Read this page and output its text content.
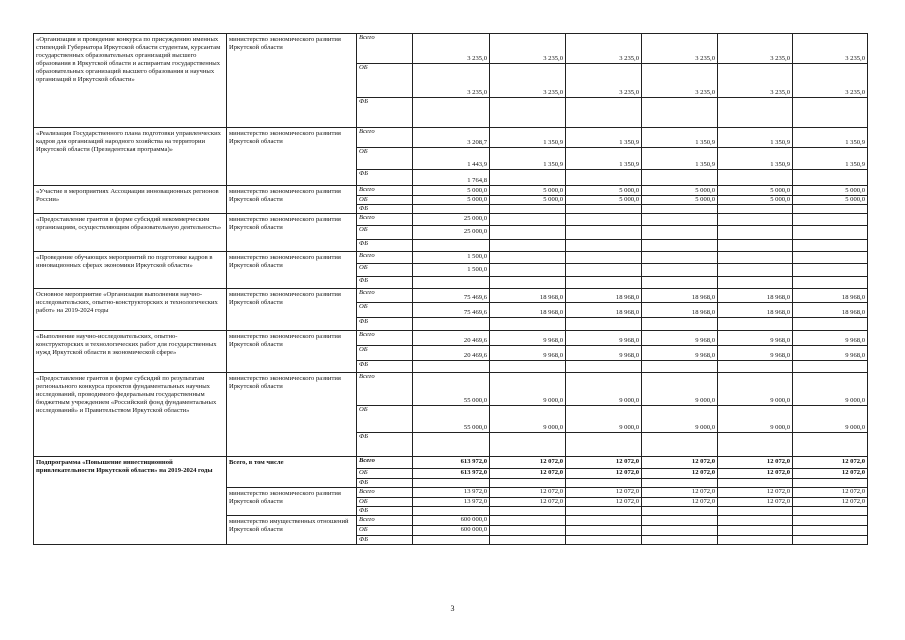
«Организация и проведение конкурса по присуждению именных стипендий Губернатора Иркутской области студентам, курсантам государственных образовательных организаций высшего образования в Иркутской области и аспирантам государственных образовательных организаций высшего образования и научных организаций в Иркутской области»	министерство экономического развития Иркутской области	Всего	3 235,0	3 235,0	3 235,0	3 235,0	3 235,0	3 235,0
		ОБ	3 235,0	3 235,0	3 235,0	3 235,0	3 235,0	3 235,0
		ФБ						
«Реализация Государственного плана подготовки управленческих кадров для организаций народного хозяйства на территории Иркутской области (Президентская программа)»	министерство экономического развития Иркутской области	Всего	3 208,7	1 350,9	1 350,9	1 350,9	1 350,9	1 350,9
		ОБ	1 443,9	1 350,9	1 350,9	1 350,9	1 350,9	1 350,9
		ФБ	1 764,8					
«Участие в мероприятиях Ассоциации инновационных регионов России»	министерство экономического развития Иркутской области	Всего	5 000,0	5 000,0	5 000,0	5 000,0	5 000,0	5 000,0
		ОБ	5 000,0	5 000,0	5 000,0	5 000,0	5 000,0	5 000,0
		ФБ						
«Предоставление грантов в форме субсидий некоммерческим организациям, осуществляющим образовательную деятельность»	министерство экономического развития Иркутской области	Всего	25 000,0					
		ОБ	25 000,0					
		ФБ						
«Проведение обучающих мероприятий по подготовке кадров в инновационных сферах экономики Иркутской области»	министерство экономического развития Иркутской области	Всего	1 500,0					
		ОБ	1 500,0					
		ФБ						
Основное мероприятие «Организация выполнения научно-исследовательских, опытно-конструкторских и технологических работ» на 2019-2024 годы	министерство экономического развития Иркутской области	Всего	75 469,6	18 968,0	18 968,0	18 968,0	18 968,0	18 968,0
		ОБ	75 469,6	18 968,0	18 968,0	18 968,0	18 968,0	18 968,0
		ФБ						
«Выполнение научно-исследовательских, опытно-конструкторских и технологических работ для государственных нужд Иркутской области в экономической сфере»	министерство экономического развития Иркутской области	Всего	20 469,6	9 968,0	9 968,0	9 968,0	9 968,0	9 968,0
		ОБ	20 469,6	9 968,0	9 968,0	9 968,0	9 968,0	9 968,0
		ФБ						
«Предоставление грантов в форме субсидий по результатам регионального конкурса проектов фундаментальных научных исследований, проводимого федеральным государственным бюджетным учреждением «Российский фонд фундаментальных исследований» и Правительством Иркутской области»	министерство экономического развития Иркутской области	Всего	55 000,0	9 000,0	9 000,0	9 000,0	9 000,0	9 000,0
		ОБ	55 000,0	9 000,0	9 000,0	9 000,0	9 000,0	9 000,0
		ФБ						
Подпрограмма «Повышение инвестиционной привлекательности Иркутской области» на 2019-2024 годы	Всего, в том числе	Всего	613 972,0	12 072,0	12 072,0	12 072,0	12 072,0	12 072,0
		ОБ	613 972,0	12 072,0	12 072,0	12 072,0	12 072,0	12 072,0
		ФБ						
	министерство экономического развития Иркутской области	Всего	13 972,0	12 072,0	12 072,0	12 072,0	12 072,0	12 072,0
		ОБ	13 972,0	12 072,0	12 072,0	12 072,0	12 072,0	12 072,0
		ФБ						
	министерство имущественных отношений Иркутской области	Всего	600 000,0					
		ОБ	600 000,0					
		ФБ						
3
